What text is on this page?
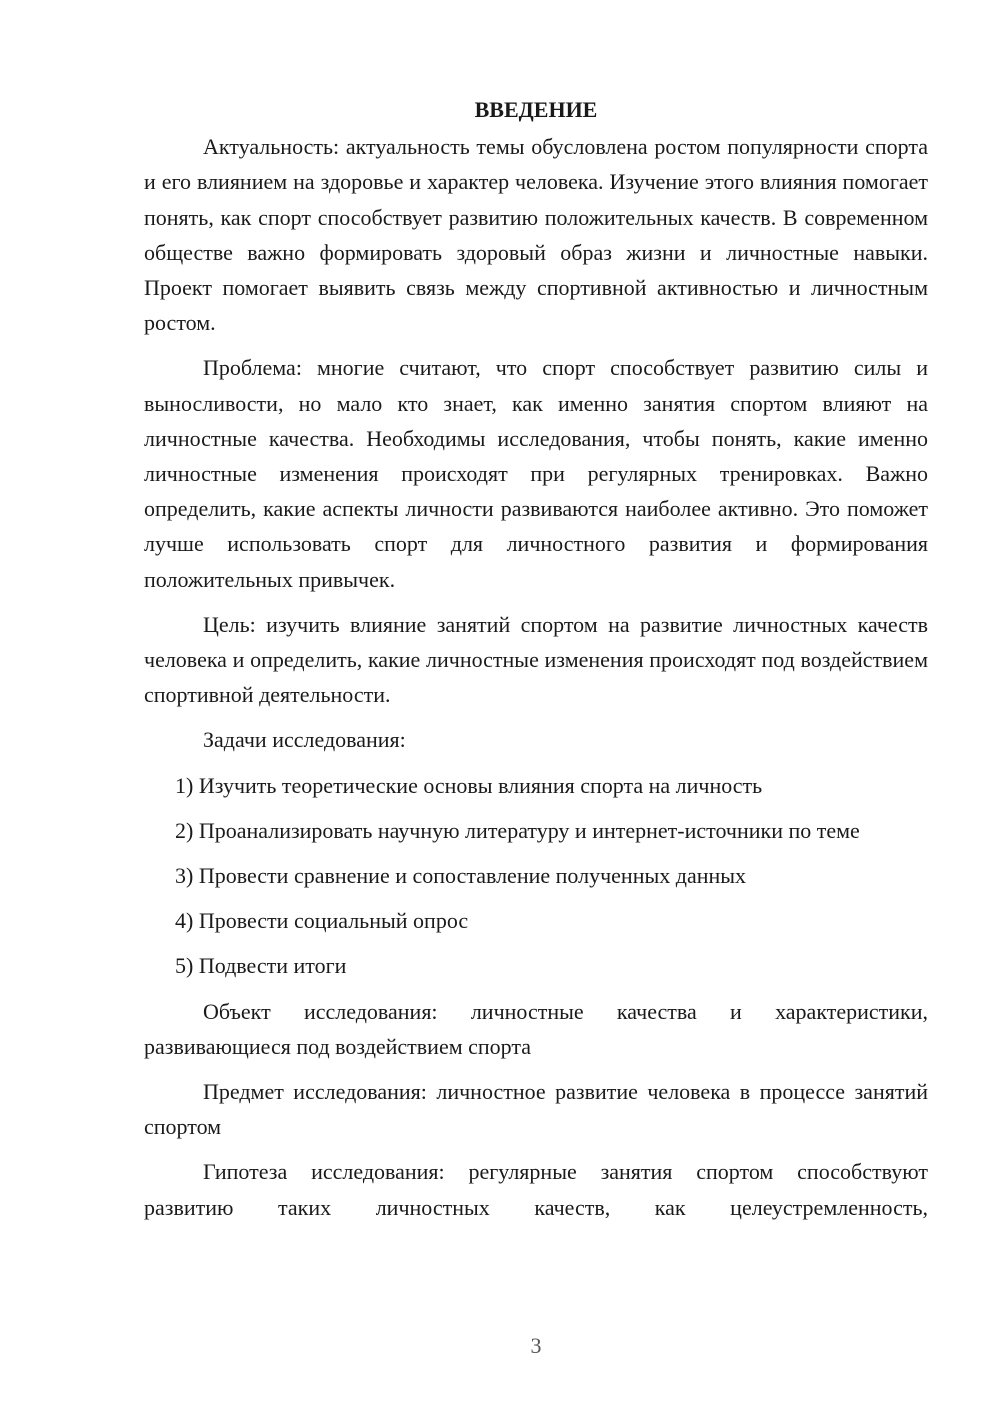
ВВЕДЕНИЕ

Актуальность: актуальность темы обусловлена ростом популярности спорта и его влиянием на здоровье и характер человека. Изучение этого влияния помогает понять, как спорт способствует развитию положительных качеств. В современном обществе важно формировать здоровый образ жизни и личностные навыки. Проект помогает выявить связь между спортивной активностью и личностным ростом.

Проблема: многие считают, что спорт способствует развитию силы и выносливости, но мало кто знает, как именно занятия спортом влияют на личностные качества. Необходимы исследования, чтобы понять, какие именно личностные изменения происходят при регулярных тренировках. Важно определить, какие аспекты личности развиваются наиболее активно. Это поможет лучше использовать спорт для личностного развития и формирования положительных привычек.

Цель: изучить влияние занятий спортом на развитие личностных качеств человека и определить, какие личностные изменения происходят под воздействием спортивной деятельности.

Задачи исследования:

1) Изучить теоретические основы влияния спорта на личность

2) Проанализировать научную литературу и интернет-источники по теме

3) Провести сравнение и сопоставление полученных данных

4) Провести социальный опрос

5) Подвести итоги

Объект исследования: личностные качества и характеристики, развивающиеся под воздействием спорта

Предмет исследования: личностное развитие человека в процессе занятий спортом

Гипотеза исследования: регулярные занятия спортом способствуют развитию таких личностных качеств, как целеустремленность,

3
